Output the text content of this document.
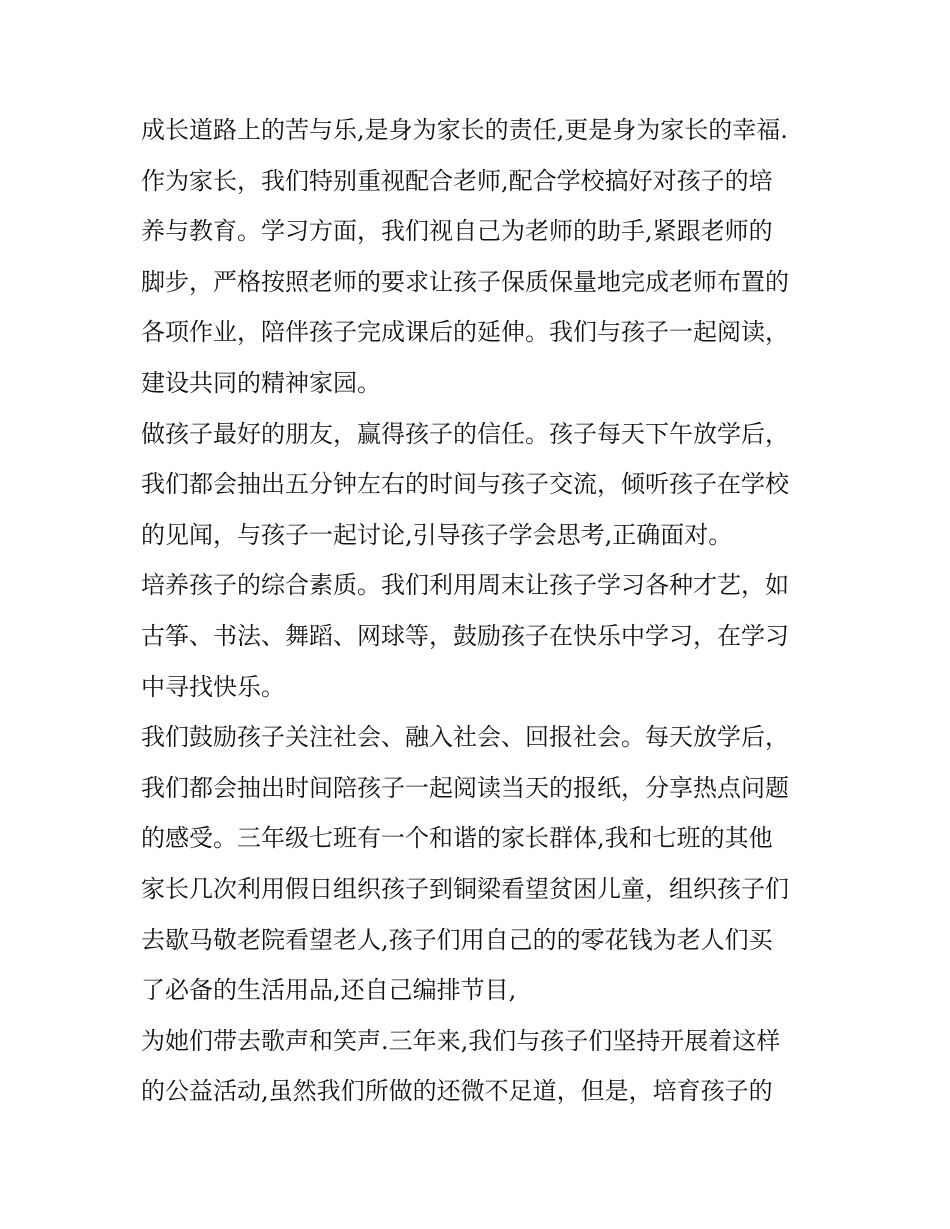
成长道路上的苦与乐,是身为家长的责任,更是身为家长的幸福.
作为家长，我们特别重视配合老师,配合学校搞好对孩子的培
养与教育。学习方面，我们视自己为老师的助手,紧跟老师的
脚步，严格按照老师的要求让孩子保质保量地完成老师布置的
各项作业，陪伴孩子完成课后的延伸。我们与孩子一起阅读，
建设共同的精神家园。
做孩子最好的朋友，赢得孩子的信任。孩子每天下午放学后，
我们都会抽出五分钟左右的时间与孩子交流，倾听孩子在学校
的见闻，与孩子一起讨论,引导孩子学会思考,正确面对。
培养孩子的综合素质。我们利用周末让孩子学习各种才艺，如
古筝、书法、舞蹈、网球等，鼓励孩子在快乐中学习，在学习
中寻找快乐。
我们鼓励孩子关注社会、融入社会、回报社会。每天放学后，
我们都会抽出时间陪孩子一起阅读当天的报纸，分享热点问题
的感受。三年级七班有一个和谐的家长群体,我和七班的其他
家长几次利用假日组织孩子到铜梁看望贫困儿童，组织孩子们
去歇马敬老院看望老人,孩子们用自己的的零花钱为老人们买
了必备的生活用品,还自己编排节目,
为她们带去歌声和笑声.三年来,我们与孩子们坚持开展着这样
的公益活动,虽然我们所做的还微不足道，但是，培育孩子的
